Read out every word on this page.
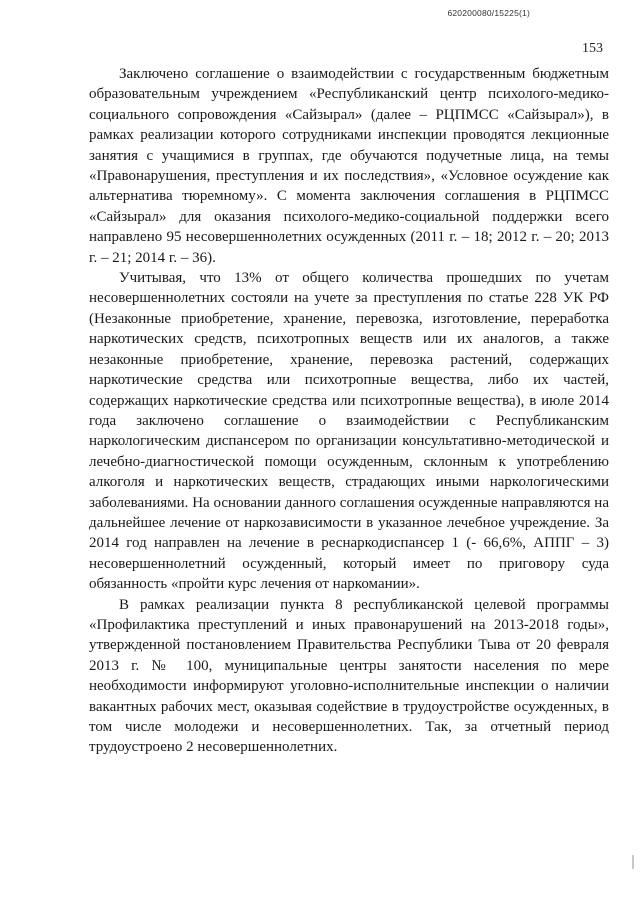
620200080/15225(1)
153

Заключено соглашение о взаимодействии с государственным бюджетным образовательным учреждением «Республиканский центр психолого-медико-социального сопровождения «Сайзырал» (далее – РЦПМСС «Сайзырал»), в рамках реализации которого сотрудниками инспекции проводятся лекционные занятия с учащимися в группах, где обучаются подучетные лица, на темы «Правонарушения, преступления и их последствия», «Условное осуждение как альтернатива тюремному». С момента заключения соглашения в РЦПМСС «Сайзырал» для оказания психолого-медико-социальной поддержки всего направлено 95 несовершеннолетних осужденных (2011 г. – 18; 2012 г. – 20; 2013 г. – 21; 2014 г. – 36).

Учитывая, что 13% от общего количества прошедших по учетам несовершеннолетних состояли на учете за преступления по статье 228 УК РФ (Незаконные приобретение, хранение, перевозка, изготовление, переработка наркотических средств, психотропных веществ или их аналогов, а также незаконные приобретение, хранение, перевозка растений, содержащих наркотические средства или психотропные вещества, либо их частей, содержащих наркотические средства или психотропные вещества), в июле 2014 года заключено соглашение о взаимодействии с Республиканским наркологическим диспансером по организации консультативно-методической и лечебно-диагностической помощи осужденным, склонным к употреблению алкоголя и наркотических веществ, страдающих иными наркологическими заболеваниями. На основании данного соглашения осужденные направляются на дальнейшее лечение от наркозависимости в указанное лечебное учреждение. За 2014 год направлен на лечение в реснаркодиспансер 1 (- 66,6%, АППГ – 3) несовершеннолетний осужденный, который имеет по приговору суда обязанность «пройти курс лечения от наркомании».

В рамках реализации пункта 8 республиканской целевой программы «Профилактика преступлений и иных правонарушений на 2013-2018 годы», утвержденной постановлением Правительства Республики Тыва от 20 февраля 2013 г. № 100, муниципальные центры занятости населения по мере необходимости информируют уголовно-исполнительные инспекции о наличии вакантных рабочих мест, оказывая содействие в трудоустройстве осужденных, в том числе молодежи и несовершеннолетних. Так, за отчетный период трудоустроено 2 несовершеннолетних.
